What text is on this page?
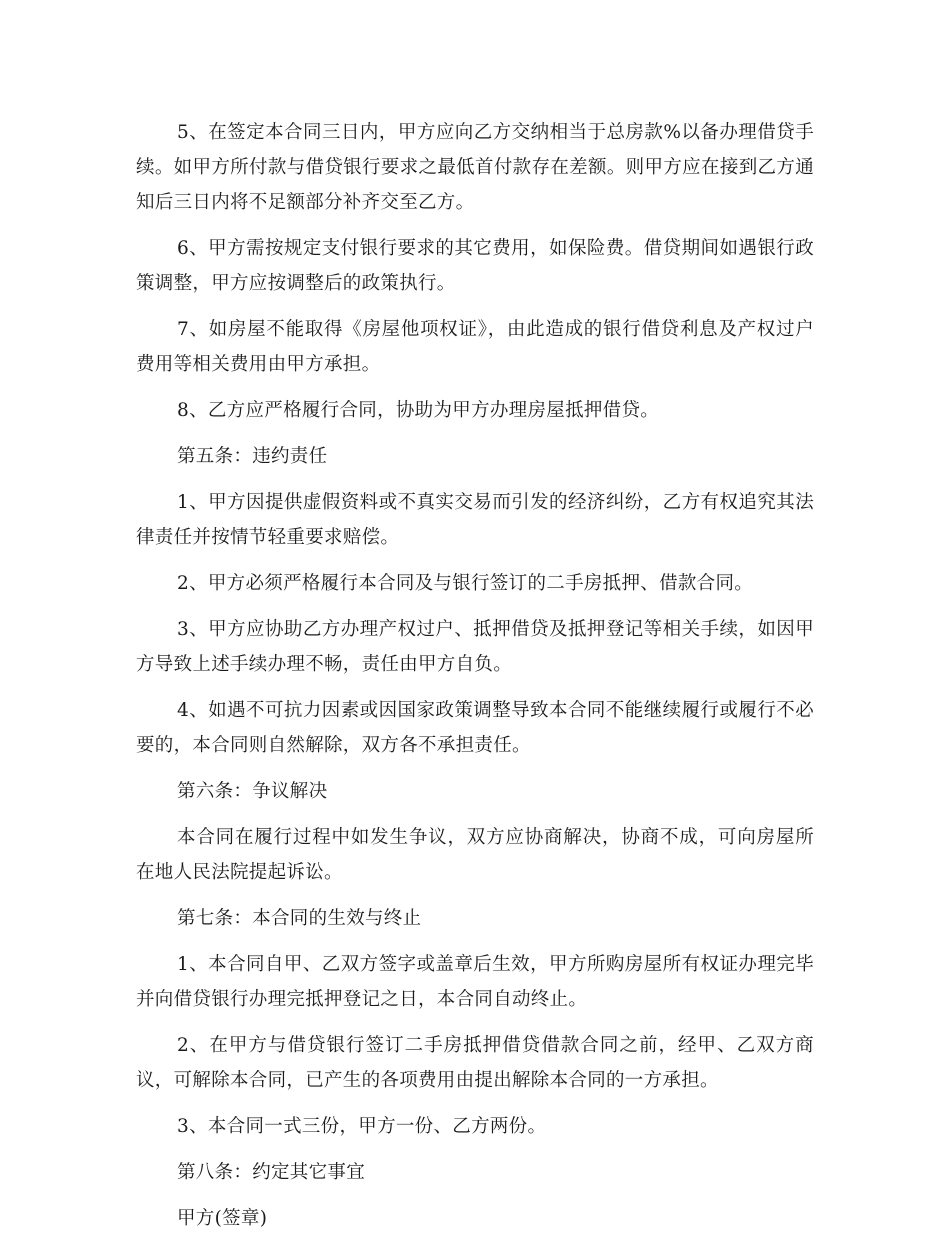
5、在签定本合同三日内，甲方应向乙方交纳相当于总房款%以备办理借贷手续。如甲方所付款与借贷银行要求之最低首付款存在差额。则甲方应在接到乙方通知后三日内将不足额部分补齐交至乙方。

6、甲方需按规定支付银行要求的其它费用，如保险费。借贷期间如遇银行政策调整，甲方应按调整后的政策执行。

7、如房屋不能取得《房屋他项权证》，由此造成的银行借贷利息及产权过户费用等相关费用由甲方承担。

8、乙方应严格履行合同，协助为甲方办理房屋抵押借贷。

第五条：违约责任

1、甲方因提供虚假资料或不真实交易而引发的经济纠纷，乙方有权追究其法律责任并按情节轻重要求赔偿。

2、甲方必须严格履行本合同及与银行签订的二手房抵押、借款合同。

3、甲方应协助乙方办理产权过户、抵押借贷及抵押登记等相关手续，如因甲方导致上述手续办理不畅，责任由甲方自负。

4、如遇不可抗力因素或因国家政策调整导致本合同不能继续履行或履行不必要的，本合同则自然解除，双方各不承担责任。

第六条：争议解决

本合同在履行过程中如发生争议，双方应协商解决，协商不成，可向房屋所在地人民法院提起诉讼。

第七条：本合同的生效与终止

1、本合同自甲、乙双方签字或盖章后生效，甲方所购房屋所有权证办理完毕并向借贷银行办理完抵押登记之日，本合同自动终止。

2、在甲方与借贷银行签订二手房抵押借贷借款合同之前，经甲、乙双方商议，可解除本合同，已产生的各项费用由提出解除本合同的一方承担。

3、本合同一式三份，甲方一份、乙方两份。

第八条：约定其它事宜

甲方(签章)
